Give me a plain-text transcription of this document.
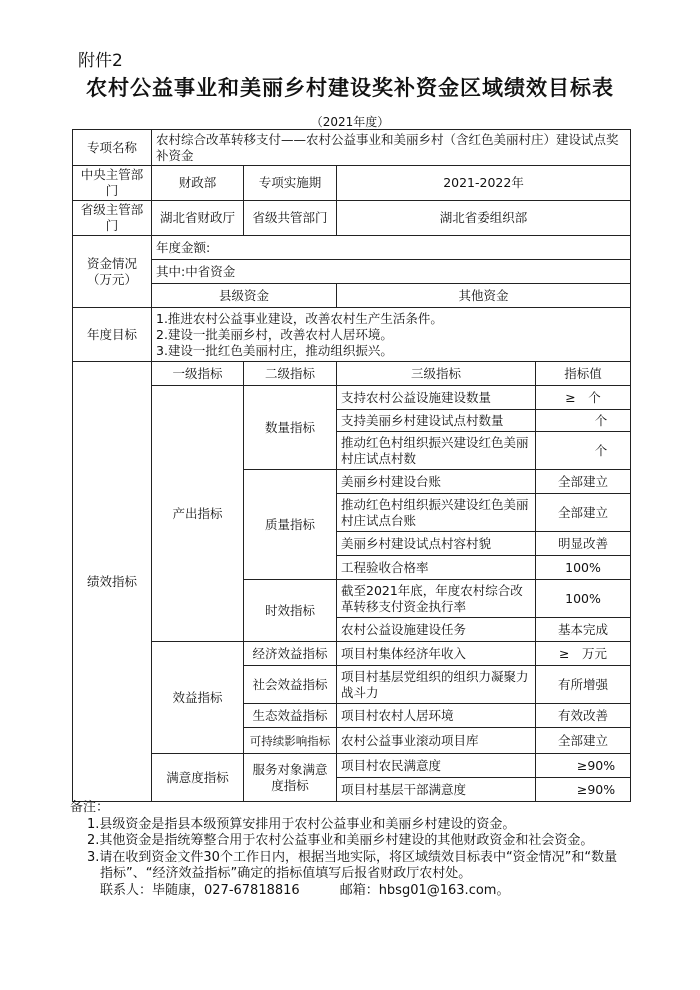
附件2
农村公益事业和美丽乡村建设奖补资金区域绩效目标表
（2021年度）
专项名称	农村综合改革转移支付——农村公益事业和美丽乡村（含红色美丽村庄）建设试点奖补资金			
中央主管部门	财政部	专项实施期	2021-2022年	
省级主管部门	湖北省财政厅	省级共管部门	湖北省委组织部	
资金情况（万元）	年度金额:			
	其中:中省资金			
	县级资金		其他资金	
年度目标	1.推进农村公益事业建设，改善农村生产生活条件。
2.建设一批美丽乡村，改善农村人居环境。
3.建设一批红色美丽村庄，推动组织振兴。			

绩效指标	一级指标	二级指标	三级指标	指标值
	产出指标	数量指标	支持农村公益设施建设数量	≥　个
			支持美丽乡村建设试点村数量	个
			推动红色村组织振兴建设红色美丽村庄试点村数	个
		质量指标	美丽乡村建设台账	全部建立
			推动红色村组织振兴建设红色美丽村庄试点台账	全部建立
			美丽乡村建设试点村容村貌	明显改善
			工程验收合格率	100%
		时效指标	截至2021年底，年度农村综合改革转移支付资金执行率	100%
			农村公益设施建设任务	基本完成
	效益指标	经济效益指标	项目村集体经济年收入	≥　万元
		社会效益指标	项目村基层党组织的组织力凝聚力战斗力	有所增强
		生态效益指标	项目村农村人居环境	有效改善
		可持续影响指标	农村公益事业滚动项目库	全部建立
	满意度指标	服务对象满意度指标	项目村农民满意度	≥90%
			项目村基层干部满意度	≥90%

备注：

1.县级资金是指县本级预算安排用于农村公益事业和美丽乡村建设的资金。

2.其他资金是指统筹整合用于农村公益事业和美丽乡村建设的其他财政资金和社会资金。

3.请在收到资金文件30个工作日内，根据当地实际，将区域绩效目标表中“资金情况”和“数量指标”、“经济效益指标”确定的指标值填写后报省财政厅农村处。

联系人：毕随康，027-67818816	邮箱：hbsg01@163.com。
